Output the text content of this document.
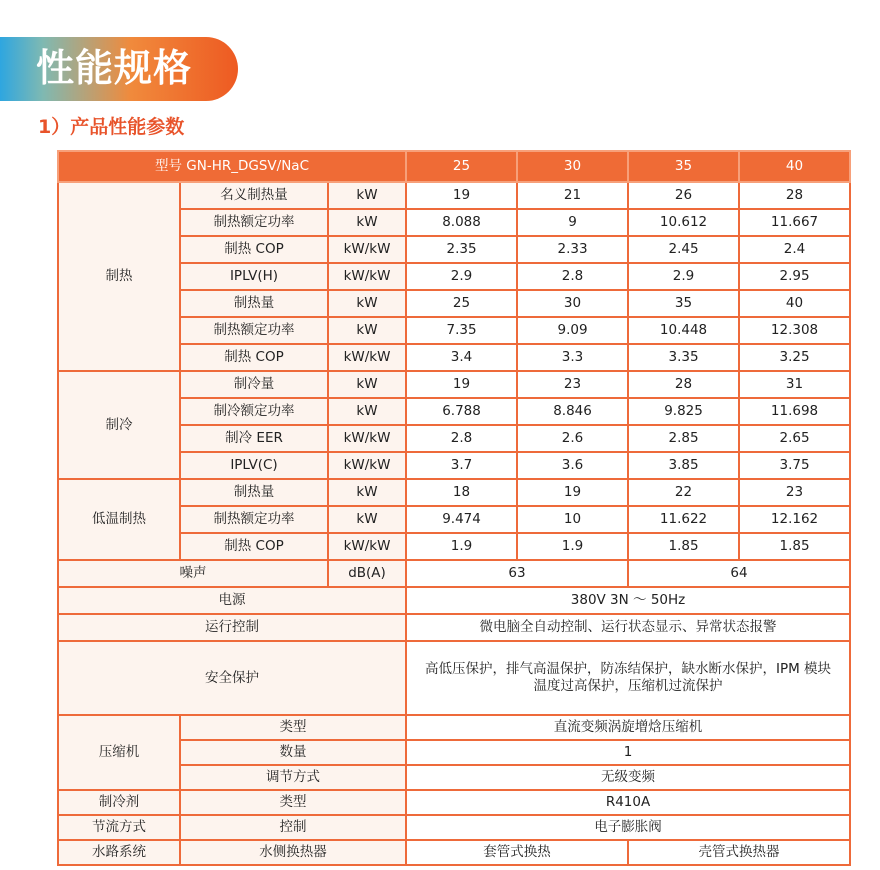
性能规格
1）产品性能参数
型号 GN-HR_DGSV/NaC			25	30	35	40
制热	名义制热量	kW	19	21	26	28
	制热额定功率	kW	8.088	9	10.612	11.667
	制热 COP	kW/kW	2.35	2.33	2.45	2.4
	IPLV(H)	kW/kW	2.9	2.8	2.9	2.95
	制热量	kW	25	30	35	40
	制热额定功率	kW	7.35	9.09	10.448	12.308
	制热 COP	kW/kW	3.4	3.3	3.35	3.25
制冷	制冷量	kW	19	23	28	31
	制冷额定功率	kW	6.788	8.846	9.825	11.698
	制冷 EER	kW/kW	2.8	2.6	2.85	2.65
	IPLV(C)	kW/kW	3.7	3.6	3.85	3.75
低温制热	制热量	kW	18	19	22	23
	制热额定功率	kW	9.474	10	11.622	12.162
	制热 COP	kW/kW	1.9	1.9	1.85	1.85
噪声		dB(A)	63		64	
电源			380V 3N ～ 50Hz			
运行控制			微电脑全自动控制、运行状态显示、异常状态报警			
安全保护			高低压保护，排气高温保护，防冻结保护，缺水断水保护，IPM 模块温度过高保护，压缩机过流保护			
压缩机	类型		直流变频涡旋增焓压缩机			
	数量		1			
	调节方式		无级变频			
制冷剂	类型		R410A			
节流方式	控制		电子膨胀阀			
水路系统	水侧换热器		套管式换热		壳管式换热器	
